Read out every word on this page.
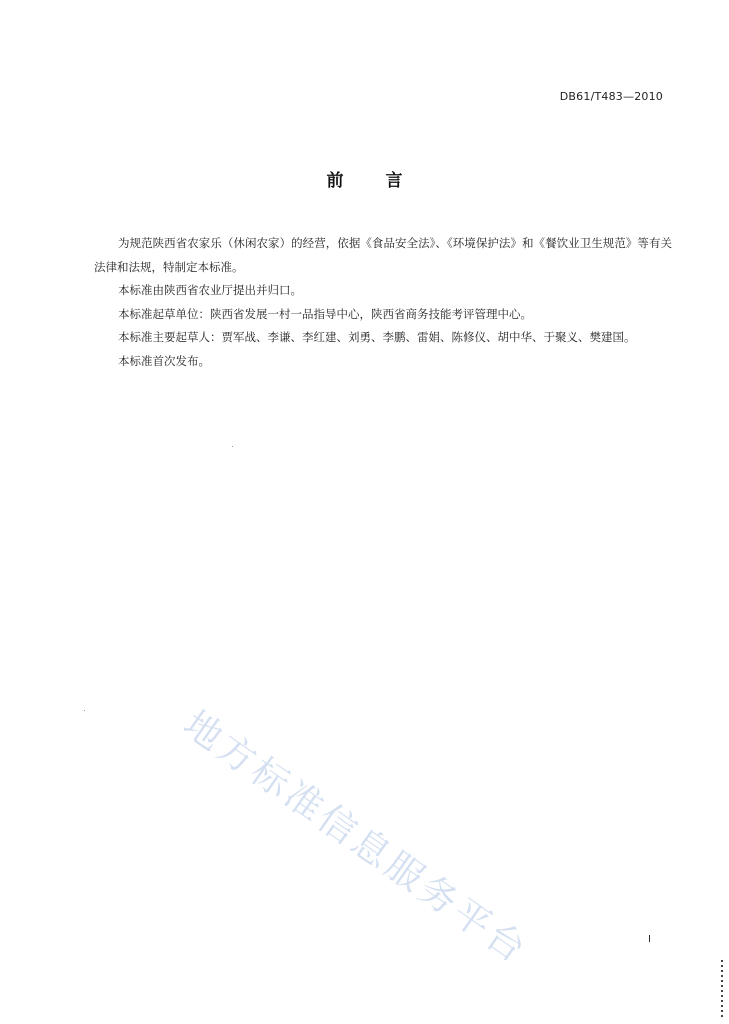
DB61/T483—2010
前 言

为规范陕西省农家乐（休闲农家）的经营，依据《食品安全法》、《环境保护法》和《餐饮业卫生规范》等有关法律和法规，特制定本标准。

本标准由陕西省农业厅提出并归口。

本标准起草单位：陕西省发展一村一品指导中心，陕西省商务技能考评管理中心。

本标准主要起草人：贾军战、李谦、李红建、刘勇、李鹏、雷娟、陈修仪、胡中华、于聚义、樊建国。

本标准首次发布。

地方标准信息服务平台	I
